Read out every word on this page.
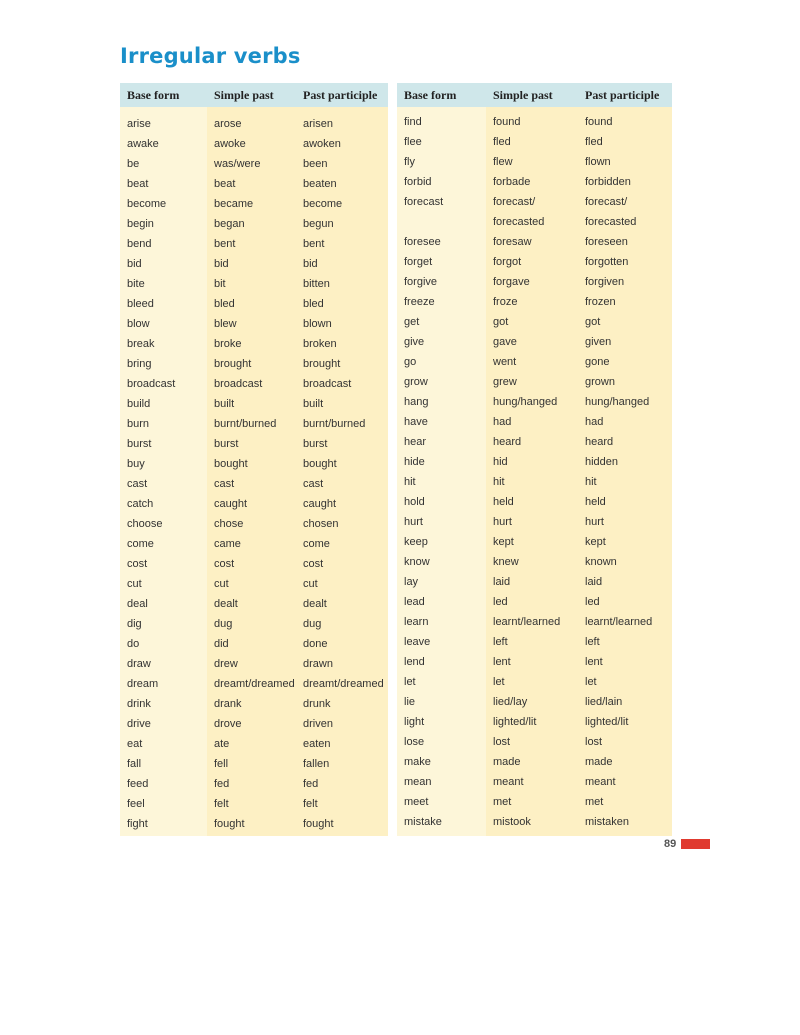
Irregular verbs
Base form	Simple past	Past participle
arise	arose	arisen
awake	awoke	awoken
be	was/were	been
beat	beat	beaten
become	became	become
begin	began	begun
bend	bent	bent
bid	bid	bid
bite	bit	bitten
bleed	bled	bled
blow	blew	blown
break	broke	broken
bring	brought	brought
broadcast	broadcast	broadcast
build	built	built
burn	burnt/burned	burnt/burned
burst	burst	burst
buy	bought	bought
cast	cast	cast
catch	caught	caught
choose	chose	chosen
come	came	come
cost	cost	cost
cut	cut	cut
deal	dealt	dealt
dig	dug	dug
do	did	done
draw	drew	drawn
dream	dreamt/dreamed	dreamt/dreamed
drink	drank	drunk
drive	drove	driven
eat	ate	eaten
fall	fell	fallen
feed	fed	fed
feel	felt	felt
fight	fought	fought
Base form	Simple past	Past participle
find	found	found
flee	fled	fled
fly	flew	flown
forbid	forbade	forbidden
forecast	forecast/	forecast/
	forecasted	forecasted
foresee	foresaw	foreseen
forget	forgot	forgotten
forgive	forgave	forgiven
freeze	froze	frozen
get	got	got
give	gave	given
go	went	gone
grow	grew	grown
hang	hung/hanged	hung/hanged
have	had	had
hear	heard	heard
hide	hid	hidden
hit	hit	hit
hold	held	held
hurt	hurt	hurt
keep	kept	kept
know	knew	known
lay	laid	laid
lead	led	led
learn	learnt/learned	learnt/learned
leave	left	left
lend	lent	lent
let	let	let
lie	lied/lay	lied/lain
light	lighted/lit	lighted/lit
lose	lost	lost
make	made	made
mean	meant	meant
meet	met	met
mistake	mistook	mistaken
89
